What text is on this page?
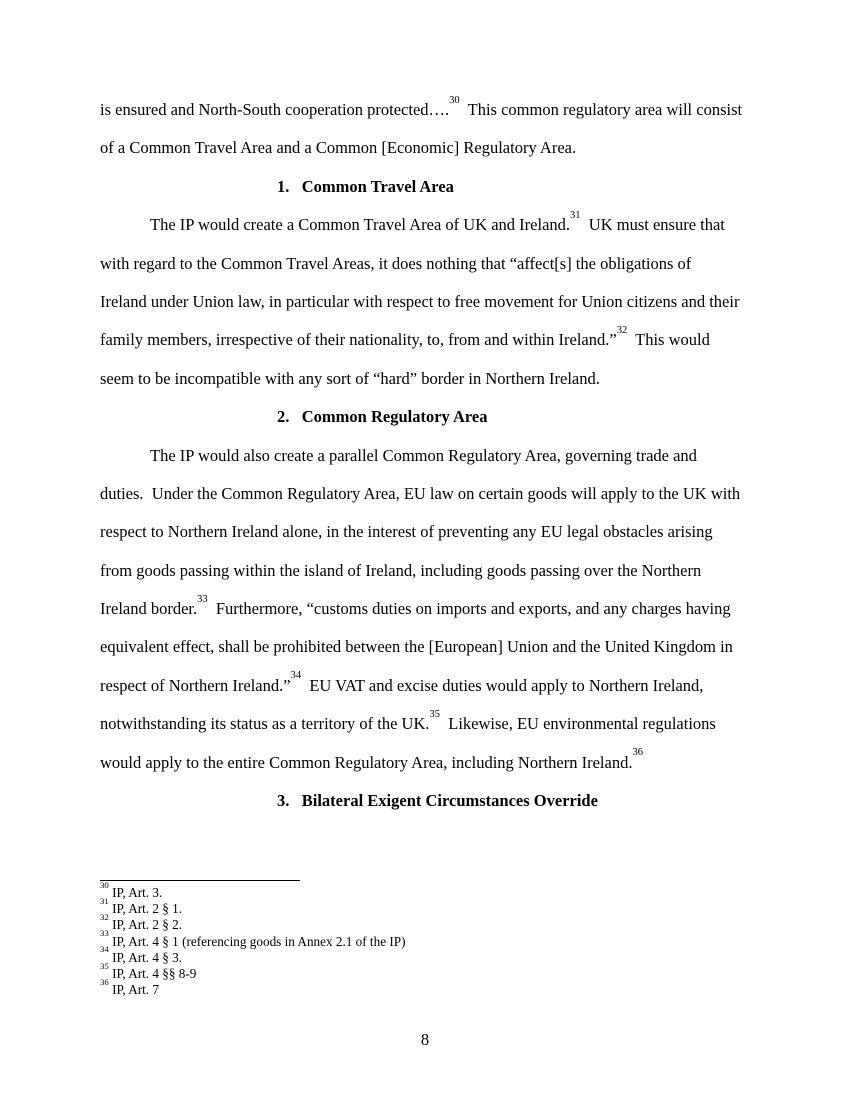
is ensured and North-South cooperation protected….$^{30}$  This common regulatory area will consist
of a Common Travel Area and a Common [Economic] Regulatory Area.
1.   Common Travel Area
The IP would create a Common Travel Area of UK and Ireland.$^{31}$  UK must ensure that
with regard to the Common Travel Areas, it does nothing that “affect[s] the obligations of
Ireland under Union law, in particular with respect to free movement for Union citizens and their
family members, irrespective of their nationality, to, from and within Ireland.”$^{32}$  This would
seem to be incompatible with any sort of “hard” border in Northern Ireland.
2.   Common Regulatory Area
The IP would also create a parallel Common Regulatory Area, governing trade and
duties.  Under the Common Regulatory Area, EU law on certain goods will apply to the UK with
respect to Northern Ireland alone, in the interest of preventing any EU legal obstacles arising
from goods passing within the island of Ireland, including goods passing over the Northern
Ireland border.$^{33}$  Furthermore, “customs duties on imports and exports, and any charges having
equivalent effect, shall be prohibited between the [European] Union and the United Kingdom in
respect of Northern Ireland.”$^{34}$  EU VAT and excise duties would apply to Northern Ireland,
notwithstanding its status as a territory of the UK.$^{35}$  Likewise, EU environmental regulations
would apply to the entire Common Regulatory Area, including Northern Ireland.$^{36}$
3.   Bilateral Exigent Circumstances Override
$^{30}$ IP, Art. 3.
$^{31}$ IP, Art. 2 § 1.
$^{32}$ IP, Art. 2 § 2.
$^{33}$ IP, Art. 4 § 1 (referencing goods in Annex 2.1 of the IP)
$^{34}$ IP, Art. 4 § 3.
$^{35}$ IP, Art. 4 §§ 8-9
$^{36}$ IP, Art. 7
8
